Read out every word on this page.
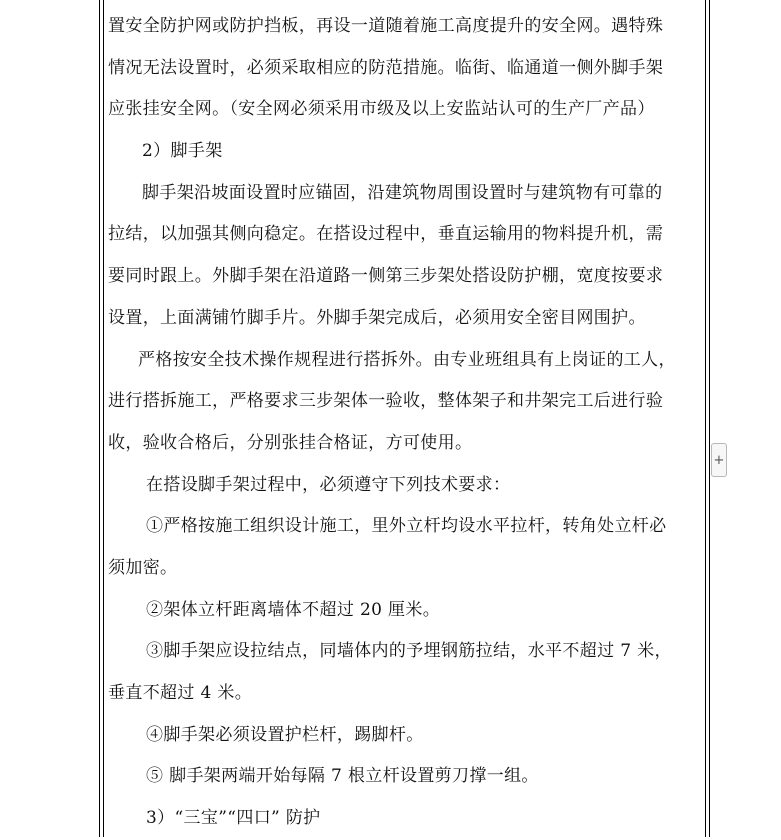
置安全防护网或防护挡板，再设一道随着施工高度提升的安全网。遇特殊
情况无法设置时，必须采取相应的防范措施。临街、临通道一侧外脚手架
应张挂安全网。（安全网必须采用市级及以上安监站认可的生产厂产品）
2）脚手架
脚手架沿坡面设置时应锚固，沿建筑物周围设置时与建筑物有可靠的
拉结，以加强其侧向稳定。在搭设过程中，垂直运输用的物料提升机，需
要同时跟上。外脚手架在沿道路一侧第三步架处搭设防护棚，宽度按要求
设置，上面满铺竹脚手片。外脚手架完成后，必须用安全密目网围护。
严格按安全技术操作规程进行搭拆外。由专业班组具有上岗证的工人，
进行搭拆施工，严格要求三步架体一验收，整体架子和井架完工后进行验
收，验收合格后，分别张挂合格证，方可使用。
在搭设脚手架过程中，必须遵守下列技术要求：
①严格按施工组织设计施工，里外立杆均设水平拉杆，转角处立杆必
须加密。
②架体立杆距离墙体不超过 20 厘米。
③脚手架应设拉结点，同墙体内的予埋钢筋拉结，水平不超过 7 米，
垂直不超过 4 米。
④脚手架必须设置护栏杆，踢脚杆。
⑤ 脚手架两端开始每隔 7 根立杆设置剪刀撑一组。
3）“三宝”“四口” 防护
+
